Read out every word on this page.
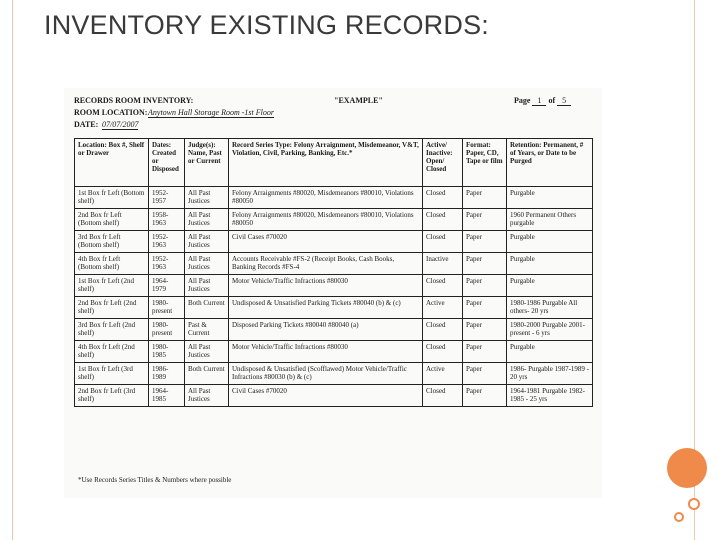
INVENTORY EXISTING RECORDS:
RECORDS ROOM INVENTORY:	"EXAMPLE"	Page 1 of 5
ROOM LOCATION: Anytown Hall Storage Room -1st Floor
DATE: 07/07/2007
Location: Box #, Shelf or Drawer	Dates: Created or Disposed	Judge(s): Name, Past or Current	Record Series Type: Felony Arraignment, Misdemeanor, V&T, Violation, Civil, Parking, Banking, Etc.*	Active/ Inactive: Open/ Closed	Format: Paper, CD, Tape or film	Retention: Permanent, # of Years, or Date to be Purged
1st Box fr Left (Bottom shelf)	1952-1957	All Past Justices	Felony Arraignments #80020, Misdemeanors #80010, Violations #80050	Closed	Paper	Purgable
2nd Box fr Left (Bottom shelf)	1958-1963	All Past Justices	Felony Arraignments #80020, Misdemeanors #80010, Violations #80050	Closed	Paper	1960 Permanent Others purgable
3rd Box fr Left (Bottom shelf)	1952-1963	All Past Justices	Civil Cases #70020	Closed	Paper	Purgable
4th Box fr Left (Bottom shelf)	1952-1963	All Past Justices	Accounts Receivable #FS-2 (Receipt Books, Cash Books, Banking Records #FS-4	Inactive	Paper	Purgable
1st Box fr Left (2nd shelf)	1964-1979	All Past Justices	Motor Vehicle/Traffic Infractions #80030	Closed	Paper	Purgable
2nd Box fr Left (2nd shelf)	1980-present	Both Current	Undisposed & Unsatisfied Parking Tickets #80040 (b) & (c)	Active	Paper	1980-1986 Purgable All others- 20 yrs
3rd Box fr Left (2nd shelf)	1980-present	Past & Current	Disposed Parking Tickets #80040 #80040 (a)	Closed	Paper	1980-2000 Purgable 2001-present - 6 yrs
4th Box fr Left (2nd shelf)	1980-1985	All Past Justices	Motor Vehicle/Traffic Infractions #80030	Closed	Paper	Purgable
1st Box fr Left (3rd shelf)	1986-1989	Both Current	Undisposed & Unsatisfied (Scofflawed) Motor Vehicle/Traffic Infractions #80030 (b) & (c)	Active	Paper	1986- Purgable 1987-1989 - 20 yrs
2nd Box fr Left (3rd shelf)	1964-1985	All Past Justices	Civil Cases #70020	Closed	Paper	1964-1981 Purgable 1982-1985 - 25 yrs
*Use Records Series Titles & Numbers where possible
